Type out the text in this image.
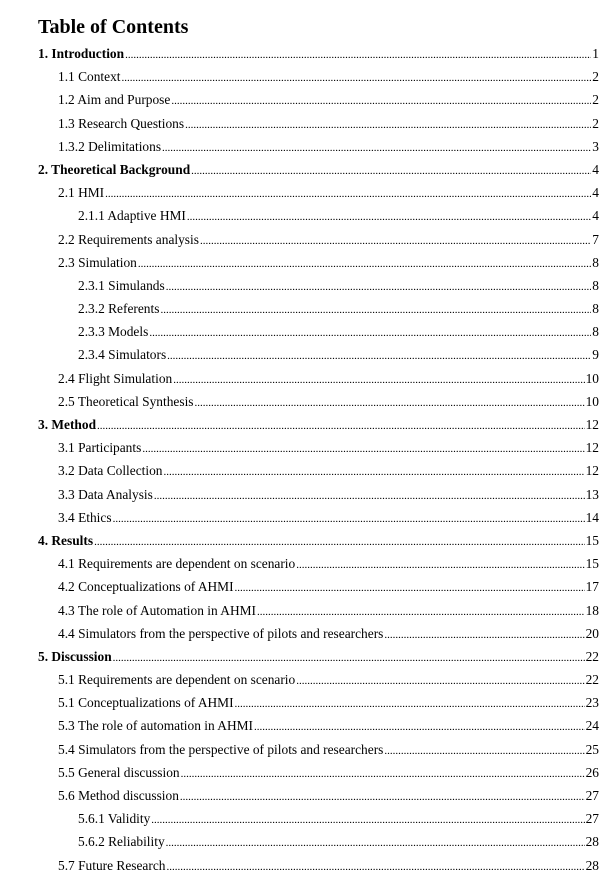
Table of Contents
1. Introduction .....	1
1.1 Context .....	2
1.2 Aim and Purpose .....	2
1.3 Research Questions .....	2
1.3.2 Delimitations .....	3
2. Theoretical Background .....	4
2.1 HMI .....	4
2.1.1 Adaptive HMI .....	4
2.2 Requirements analysis .....	7
2.3 Simulation .....	8
2.3.1 Simulands .....	8
2.3.2 Referents .....	8
2.3.3 Models .....	8
2.3.4 Simulators .....	9
2.4 Flight Simulation .....	10
2.5 Theoretical Synthesis .....	10
3. Method .....	12
3.1 Participants .....	12
3.2 Data Collection .....	12
3.3 Data Analysis .....	13
3.4 Ethics .....	14
4. Results .....	15
4.1 Requirements are dependent on scenario .....	15
4.2 Conceptualizations of AHMI .....	17
4.3 The role of Automation in AHMI .....	18
4.4 Simulators from the perspective of pilots and researchers .....	20
5. Discussion .....	22
5.1 Requirements are dependent on scenario .....	22
5.1 Conceptualizations of AHMI .....	23
5.3 The role of automation in AHMI .....	24
5.4 Simulators from the perspective of pilots and researchers .....	25
5.5 General discussion .....	26
5.6 Method discussion .....	27
5.6.1 Validity .....	27
5.6.2 Reliability .....	28
5.7 Future Research .....	28
